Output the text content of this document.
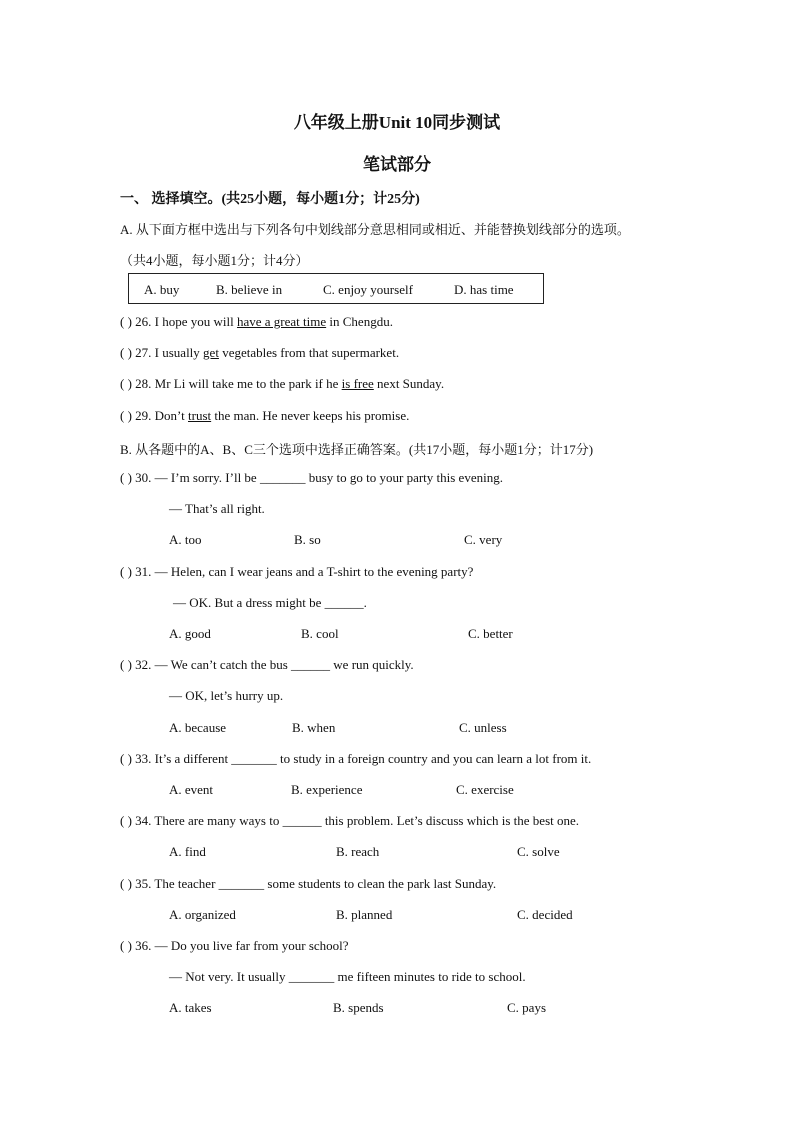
八年级上册Unit 10同步测试
笔试部分
一、 选择填空。(共25小题，每小题1分；计25分)
A. 从下面方框中选出与下列各句中划线部分意思相同或相近、并能替换划线部分的选项。
（共4小题，每小题1分；计4分）
A. buy	B. believe in	C. enjoy yourself	D. has time
( ) 26. I hope you will have a great time in Chengdu.
( ) 27. I usually get vegetables from that supermarket.
( ) 28. Mr Li will take me to the park if he is free next Sunday.
( ) 29. Don’t trust the man. He never keeps his promise.
B. 从各题中的A、B、C三个选项中选择正确答案。(共17小题，每小题1分；计17分)
( ) 30. — I’m sorry. I’ll be _______ busy to go to your party this evening.
— That’s all right.
A. too	B. so	C. very
( ) 31. — Helen, can I wear jeans and a T-shirt to the evening party?
— OK. But a dress might be ______.
A. good	B. cool	C. better
( ) 32. — We can’t catch the bus ______ we run quickly.
— OK, let’s hurry up.
A. because	B. when	C. unless
( ) 33. It’s a different _______ to study in a foreign country and you can learn a lot from it.
A. event	B. experience	C. exercise
( ) 34. There are many ways to ______ this problem. Let’s discuss which is the best one.
A. find	B. reach	C. solve
( ) 35. The teacher _______ some students to clean the park last Sunday.
A. organized	B. planned	C. decided
( ) 36. — Do you live far from your school?
— Not very. It usually _______ me fifteen minutes to ride to school.
A. takes	B. spends	C. pays
